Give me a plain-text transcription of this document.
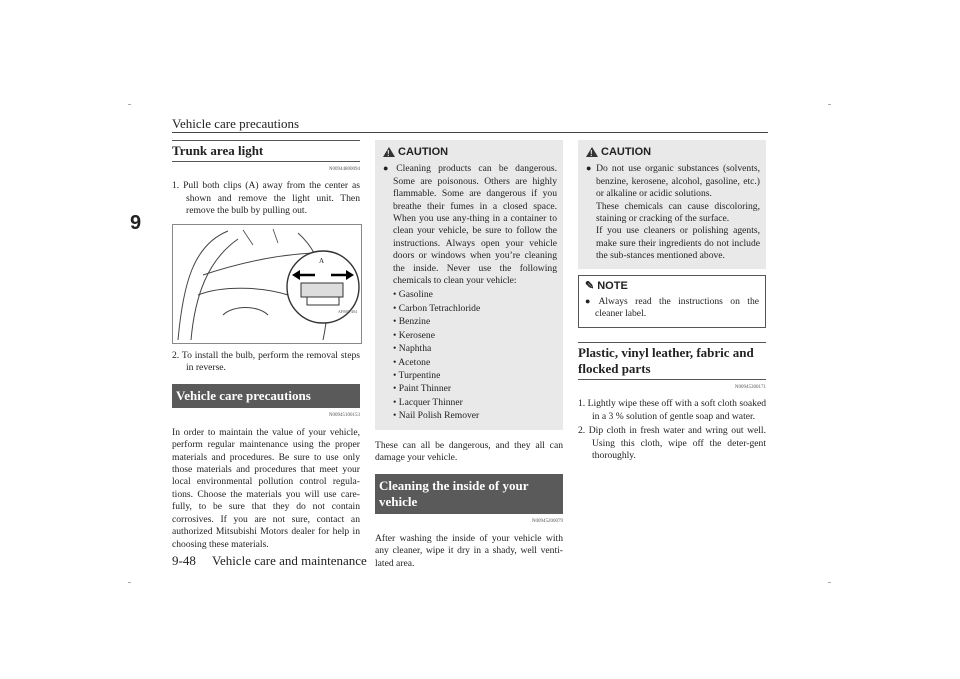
Vehicle care precautions
9
Trunk area light
N00944800094
1. Pull both clips (A) away from the center as shown and remove the light unit. Then remove the bulb by pulling out.
A
AF0007404
2. To install the bulb, perform the removal steps in reverse.
Vehicle care precautions
N00945100153
In order to maintain the value of your vehicle, perform regular maintenance using the proper materials and procedures. Be sure to use only those materials and procedures that meet your local environmental pollution control regula-tions. Choose the materials you will use care-fully, to be sure that they do not contain corrosives. If you are not sure, contact an authorized Mitsubishi Motors dealer for help in choosing these materials.
!
CAUTION
● Cleaning products can be dangerous. Some are poisonous. Others are highly flammable. Some are dangerous if you breathe their fumes in a closed space. When you use any-thing in a container to clean your vehicle, be sure to follow the instructions. Always open your vehicle doors or windows when you’re cleaning the inside. Never use the following chemicals to clean your vehicle:
• Gasoline
• Carbon Tetrachloride
• Benzine
• Kerosene
• Naphtha
• Acetone
• Turpentine
• Paint Thinner
• Lacquer Thinner
• Nail Polish Remover
These can all be dangerous, and they all can damage your vehicle.
Cleaning the inside of your vehicle
N00945200079
After washing the inside of your vehicle with any cleaner, wipe it dry in a shady, well venti-lated area.
!
CAUTION
● Do not use organic substances (solvents, benzine, kerosene, alcohol, gasoline, etc.) or alkaline or acidic solutions.
These chemicals can cause discoloring, staining or cracking of the surface.
If you use cleaners or polishing agents, make sure their ingredients do not include the sub-stances mentioned above.
✎ NOTE
● Always read the instructions on the cleaner label.
Plastic, vinyl leather, fabric and flocked parts
N00945300171
1. Lightly wipe these off with a soft cloth soaked in a 3 % solution of gentle soap and water.
2. Dip cloth in fresh water and wring out well. Using this cloth, wipe off the deter-gent thoroughly.
9-48 Vehicle care and maintenance
